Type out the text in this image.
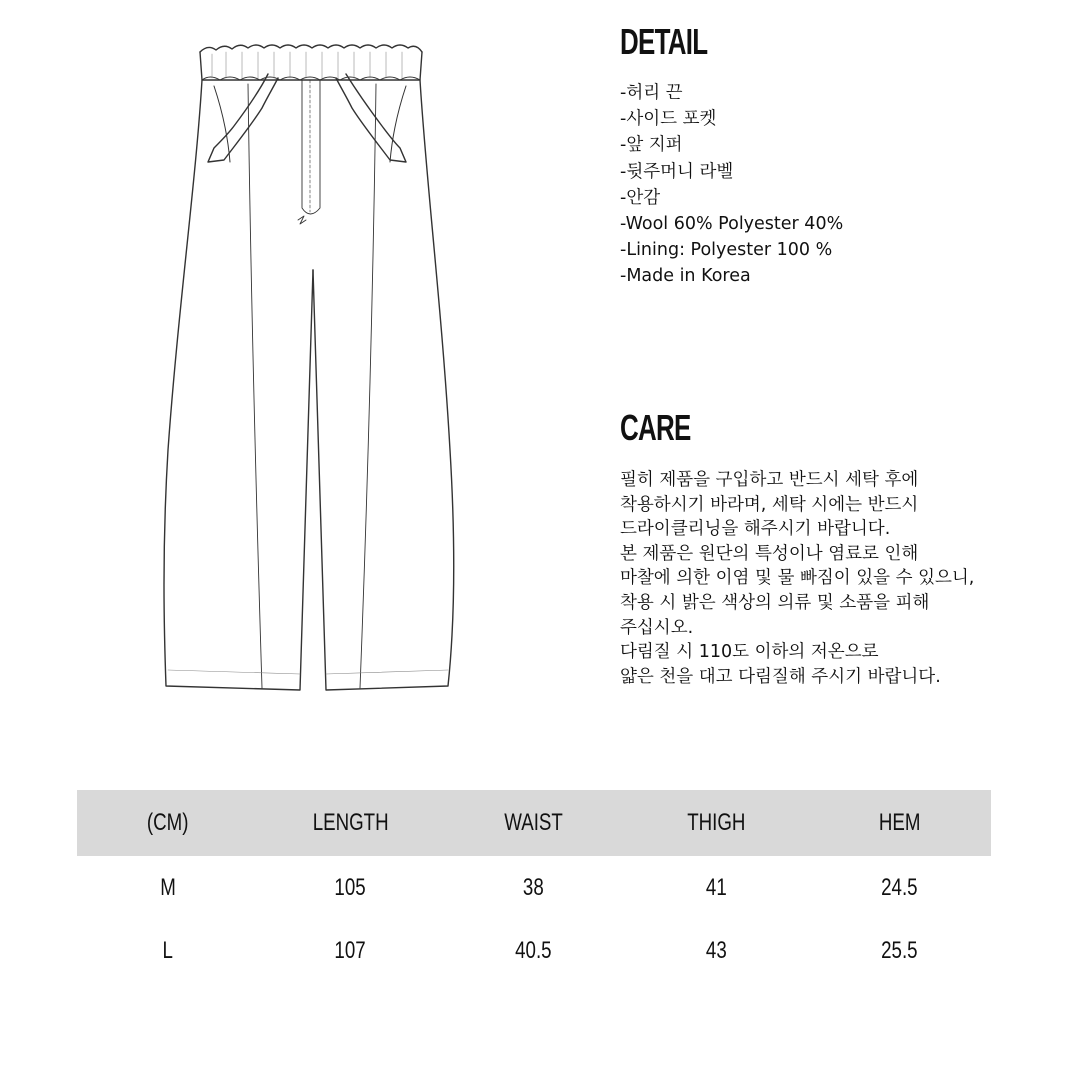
DETAIL
-허리 끈
-사이드 포켓
-앞 지퍼
-뒷주머니 라벨
-안감
-Wool 60% Polyester 40%
-Lining: Polyester 100 %
-Made in Korea
CARE
필히 제품을 구입하고 반드시 세탁 후에
착용하시기 바라며, 세탁 시에는 반드시
드라이클리닝을 해주시기 바랍니다.
본 제품은 원단의 특성이나 염료로 인해
마찰에 의한 이염 및 물 빠짐이 있을 수 있으니,
착용 시 밝은 색상의 의류 및 소품을 피해
주십시오.
다림질 시 110도 이하의 저온으로
얇은 천을 대고 다림질해 주시기 바랍니다.
(CM)	LENGTH	WAIST	THIGH	HEM
M	105	38	41	24.5
L	107	40.5	43	25.5
